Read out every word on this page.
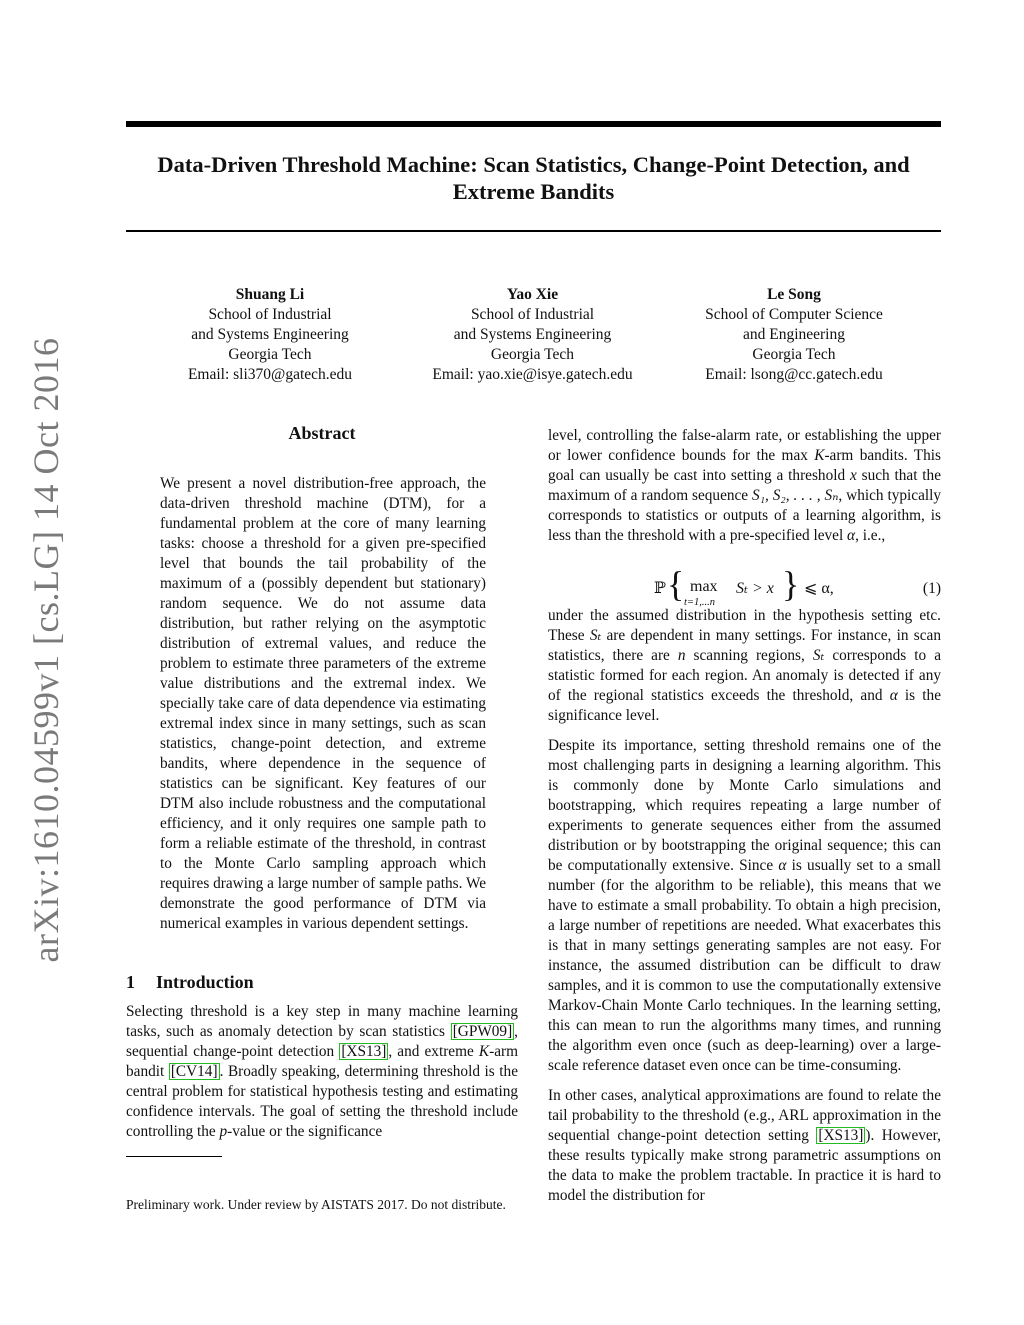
Data-Driven Threshold Machine: Scan Statistics, Change-Point Detection, and Extreme Bandits
Shuang Li
School of Industrial
and Systems Engineering
Georgia Tech
Email: sli370@gatech.edu
Yao Xie
School of Industrial
and Systems Engineering
Georgia Tech
Email: yao.xie@isye.gatech.edu
Le Song
School of Computer Science
and Engineering
Georgia Tech
Email: lsong@cc.gatech.edu
arXiv:1610.04599v1 [cs.LG] 14 Oct 2016	Abstract

We present a novel distribution-free approach, the data-driven threshold machine (DTM), for a fundamental problem at the core of many learning tasks: choose a threshold for a given pre-specified level that bounds the tail probability of the maximum of a (possibly dependent but stationary) random sequence. We do not assume data distribution, but rather relying on the asymptotic distribution of extremal values, and reduce the problem to estimate three parameters of the extreme value distributions and the extremal index. We specially take care of data dependence via estimating extremal index since in many settings, such as scan statistics, change-point detection, and extreme bandits, where dependence in the sequence of statistics can be significant. Key features of our DTM also include robustness and the computational efficiency, and it only requires one sample path to form a reliable estimate of the threshold, in contrast to the Monte Carlo sampling approach which requires drawing a large number of sample paths. We demonstrate the good performance of DTM via numerical examples in various dependent settings.

1 Introduction

Selecting threshold is a key step in many machine learning tasks, such as anomaly detection by scan statistics [GPW09] , sequential change-point detection [XS13] , and extreme K-arm bandit [CV14] . Broadly speaking, determining threshold is the central problem for statistical hypothesis testing and estimating confidence intervals. The goal of setting the threshold include controlling the p-value or the significance

Preliminary work. Under review by AISTATS 2017. Do not distribute.

level, controlling the false-alarm rate, or establishing the upper or lower confidence bounds for the max K-arm bandits. This goal can usually be cast into setting a threshold x such that the maximum of a random sequence S₁, S₂, . . . , Sₙ, which typically corresponds to statistics or outputs of a learning algorithm, is less than the threshold with a pre-specified level α, i.e.,

under the assumed distribution in the hypothesis setting etc. These Sₜ are dependent in many settings. For instance, in scan statistics, there are n scanning regions, Sₜ corresponds to a statistic formed for each region. An anomaly is detected if any of the regional statistics exceeds the threshold, and α is the significance level.

Despite its importance, setting threshold remains one of the most challenging parts in designing a learning algorithm. This is commonly done by Monte Carlo simulations and bootstrapping, which requires repeating a large number of experiments to generate sequences either from the assumed distribution or by bootstrapping the original sequence; this can be computationally extensive. Since α is usually set to a small number (for the algorithm to be reliable), this means that we have to estimate a small probability. To obtain a high precision, a large number of repetitions are needed. What exacerbates this is that in many settings generating samples are not easy. For instance, the assumed distribution can be difficult to draw samples, and it is common to use the computationally extensive Markov-Chain Monte Carlo techniques. In the learning setting, this can mean to run the algorithms many times, and running the algorithm even once (such as deep-learning) over a large-scale reference dataset even once can be time-consuming.

In other cases, analytical approximations are found to relate the tail probability to the threshold (e.g., ARL approximation in the sequential change-point detection setting [XS13] ). However, these results typically make strong parametric assumptions on the data to make the problem tractable. In practice it is hard to model the distribution for

ℙ { max
t=1,...n
Sₜ > x } ⩽ α,	(1)
